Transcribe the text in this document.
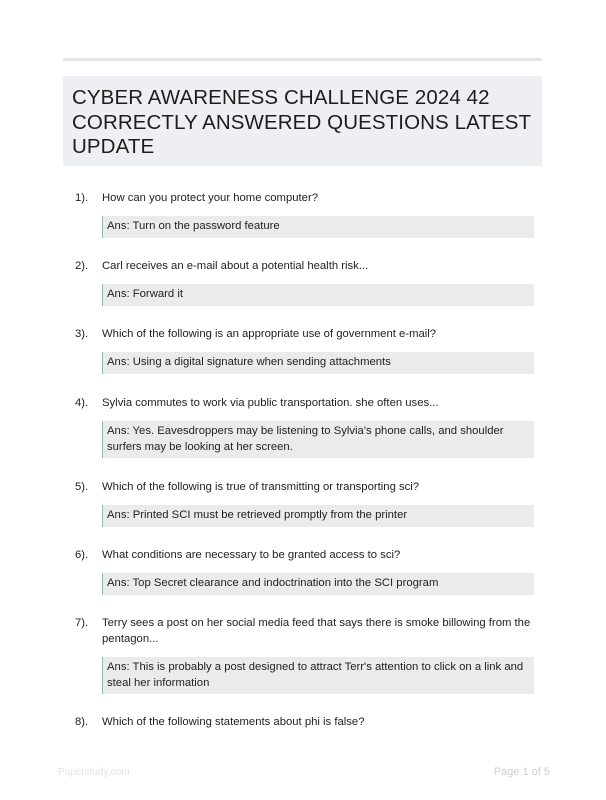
CYBER AWARENESS CHALLENGE 2024 42 CORRECTLY ANSWERED QUESTIONS LATEST UPDATE
1). How can you protect your home computer?
Ans: Turn on the password feature
2). Carl receives an e-mail about a potential health risk...
Ans: Forward it
3). Which of the following is an appropriate use of government e-mail?
Ans: Using a digital signature when sending attachments
4). Sylvia commutes to work via public transportation. she often uses...
Ans: Yes. Eavesdroppers may be listening to Sylvia's phone calls, and shoulder surfers may be looking at her screen.
5). Which of the following is true of transmitting or transporting sci?
Ans: Printed SCI must be retrieved promptly from the printer
6). What conditions are necessary to be granted access to sci?
Ans: Top Secret clearance and indoctrination into the SCI program
7). Terry sees a post on her social media feed that says there is smoke billowing from the pentagon...
Ans: This is probably a post designed to attract Terr's attention to click on a link and steal her information
8). Which of the following statements about phi is false?
Paperstudy.com	Page 1 of 5
